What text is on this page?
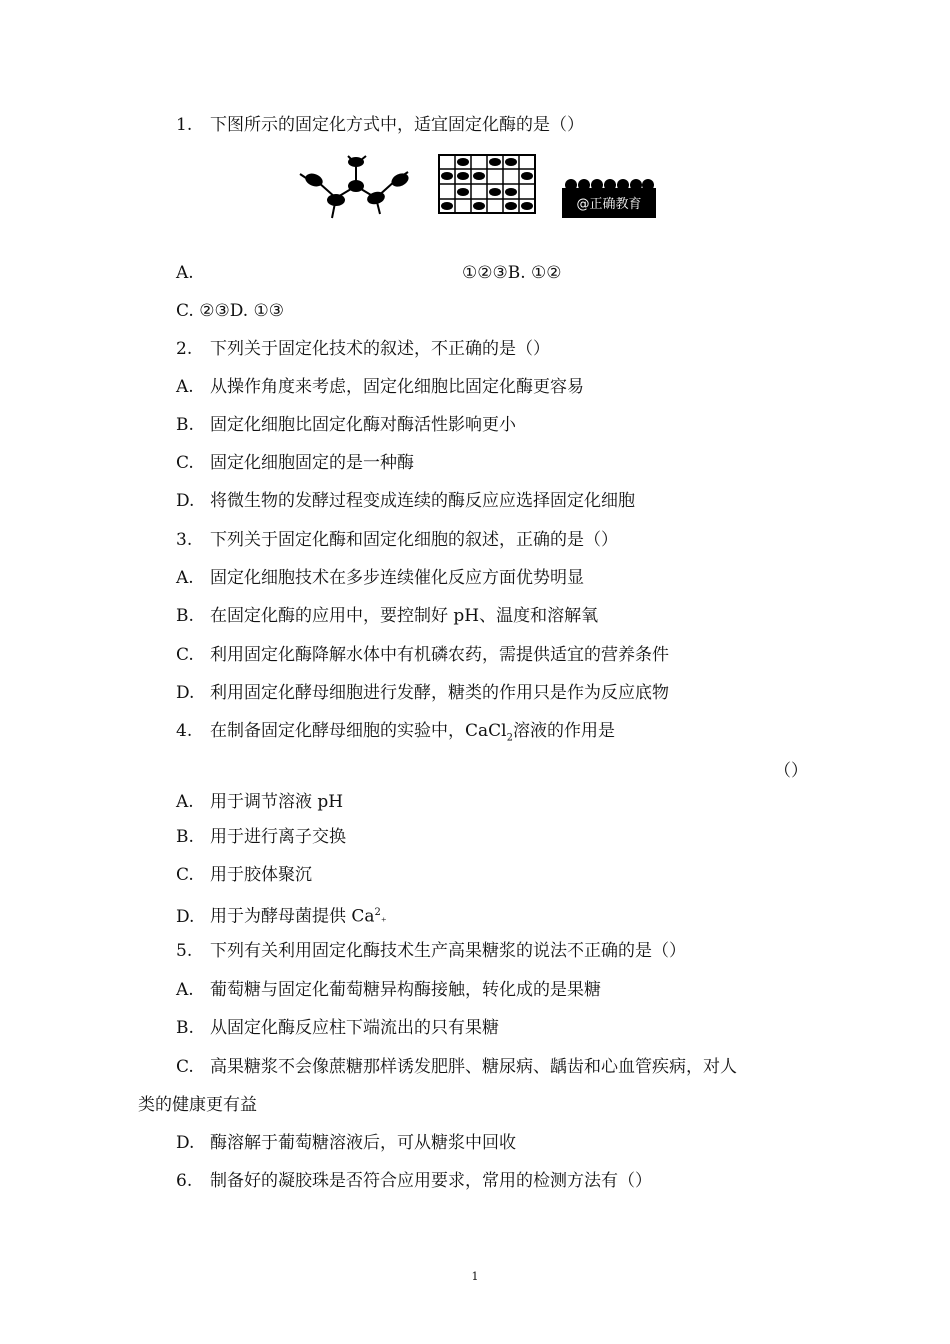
1. 下图所示的固定化方式中，适宜固定化酶的是（）
@正确教育
A.	①②③B. ①②
C. ②③D. ①③
2. 下列关于固定化技术的叙述，不正确的是（）
A. 从操作角度来考虑，固定化细胞比固定化酶更容易
B. 固定化细胞比固定化酶对酶活性影响更小
C. 固定化细胞固定的是一种酶
D. 将微生物的发酵过程变成连续的酶反应应选择固定化细胞
3. 下列关于固定化酶和固定化细胞的叙述，正确的是（）
A. 固定化细胞技术在多步连续催化反应方面优势明显
B. 在固定化酶的应用中，要控制好 pH、温度和溶解氧
C. 利用固定化酶降解水体中有机磷农药，需提供适宜的营养条件
D. 利用固定化酵母细胞进行发酵，糖类的作用只是作为反应底物
4. 在制备固定化酵母细胞的实验中，CaCl$_2$溶液的作用是
（）
A. 用于调节溶液 pH
B. 用于进行离子交换
C. 用于胶体聚沉
D. 用于为酵母菌提供 Ca$^2$₊
5. 下列有关利用固定化酶技术生产高果糖浆的说法不正确的是（）
A. 葡萄糖与固定化葡萄糖异构酶接触，转化成的是果糖
B. 从固定化酶反应柱下端流出的只有果糖
C. 高果糖浆不会像蔗糖那样诱发肥胖、糖尿病、龋齿和心血管疾病，对人
类的健康更有益
D. 酶溶解于葡萄糖溶液后，可从糖浆中回收
6. 制备好的凝胶珠是否符合应用要求，常用的检测方法有（）
1
